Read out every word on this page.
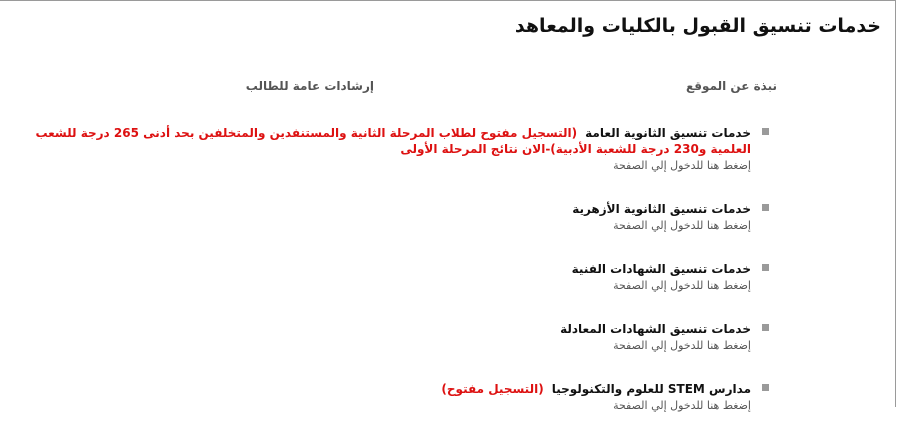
خدمات تنسيق القبول بالكليات والمعاهد
نبذة عن الموقع
إرشادات عامة للطالب
خدمات تنسيق الثانوية العامة(التسجيل مفتوح لطلاب المرحلة الثانية والمستنفدين والمتخلفين بحد أدنى 265 درجة للشعب العلمية و230 درجة للشعبة الأدبية)-الان نتائج المرحلة الأولى
إضغط هنا للدخول إلي الصفحة
خدمات تنسيق الثانوية الأزهرية
إضغط هنا للدخول إلي الصفحة
خدمات تنسيق الشهادات الفنية
إضغط هنا للدخول إلي الصفحة
خدمات تنسيق الشهادات المعادلة
إضغط هنا للدخول إلي الصفحة
مدارس STEM للعلوم والتكنولوجيا(التسجيل مفتوح)
إضغط هنا للدخول إلي الصفحة
